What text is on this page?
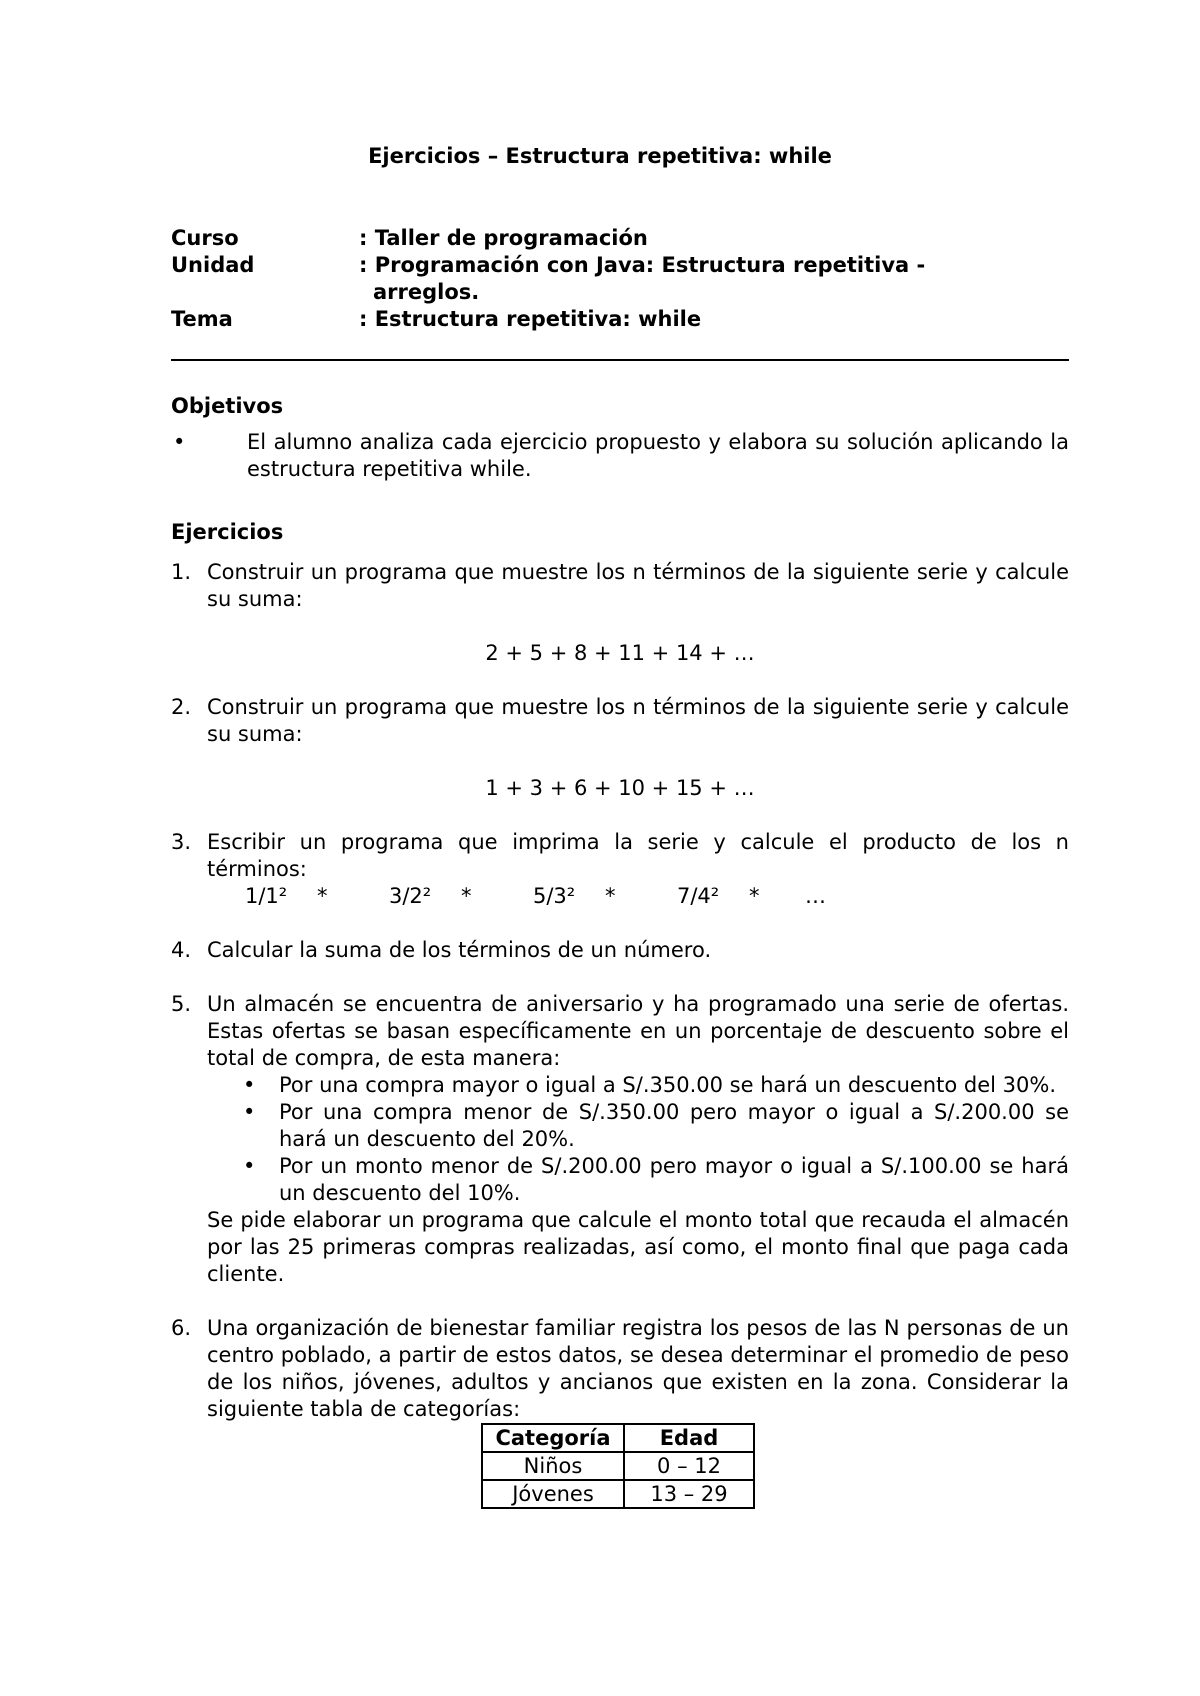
Ejercicios – Estructura repetitiva: while
Curso	: Taller de programación
Unidad	: Programación con Java: Estructura repetitiva -
arreglos.
Tema	: Estructura repetitiva: while

Objetivos

•	El alumno analiza cada ejercicio propuesto y elabora su solución aplicando la estructura repetitiva while.

Ejercicios

1. Construir un programa que muestre los n términos de la siguiente serie y calcule su suma:

2 + 5 + 8 + 11 + 14 + …

2. Construir un programa que muestre los n términos de la siguiente serie y calcule su suma:

1 + 3 + 6 + 10 + 15 + …

3. Escribir un programa que imprima la serie y calcule el producto de los n términos:

1/1²	*	3/2²	*	5/3²	*	7/4²	*	…
4. Calcular la suma de los términos de un número.

5. Un almacén se encuentra de aniversario y ha programado una serie de ofertas. Estas ofertas se basan específicamente en un porcentaje de descuento sobre el total de compra, de esta manera:

•	Por una compra mayor o igual a S/.350.00 se hará un descuento del 30%.
•	Por una compra menor de S/.350.00 pero mayor o igual a S/.200.00 se hará un descuento del 20%.
•	Por un monto menor de S/.200.00 pero mayor o igual a S/.100.00 se hará un descuento del 10%.

Se pide elaborar un programa que calcule el monto total que recauda el almacén por las 25 primeras compras realizadas, así como, el monto final que paga cada cliente.

6. Una organización de bienestar familiar registra los pesos de las N personas de un centro poblado, a partir de estos datos, se desea determinar el promedio de peso de los niños, jóvenes, adultos y ancianos que existen en la zona. Considerar la siguiente tabla de categorías:

Categoría	Edad
Niños	0 – 12
Jóvenes	13 – 29
